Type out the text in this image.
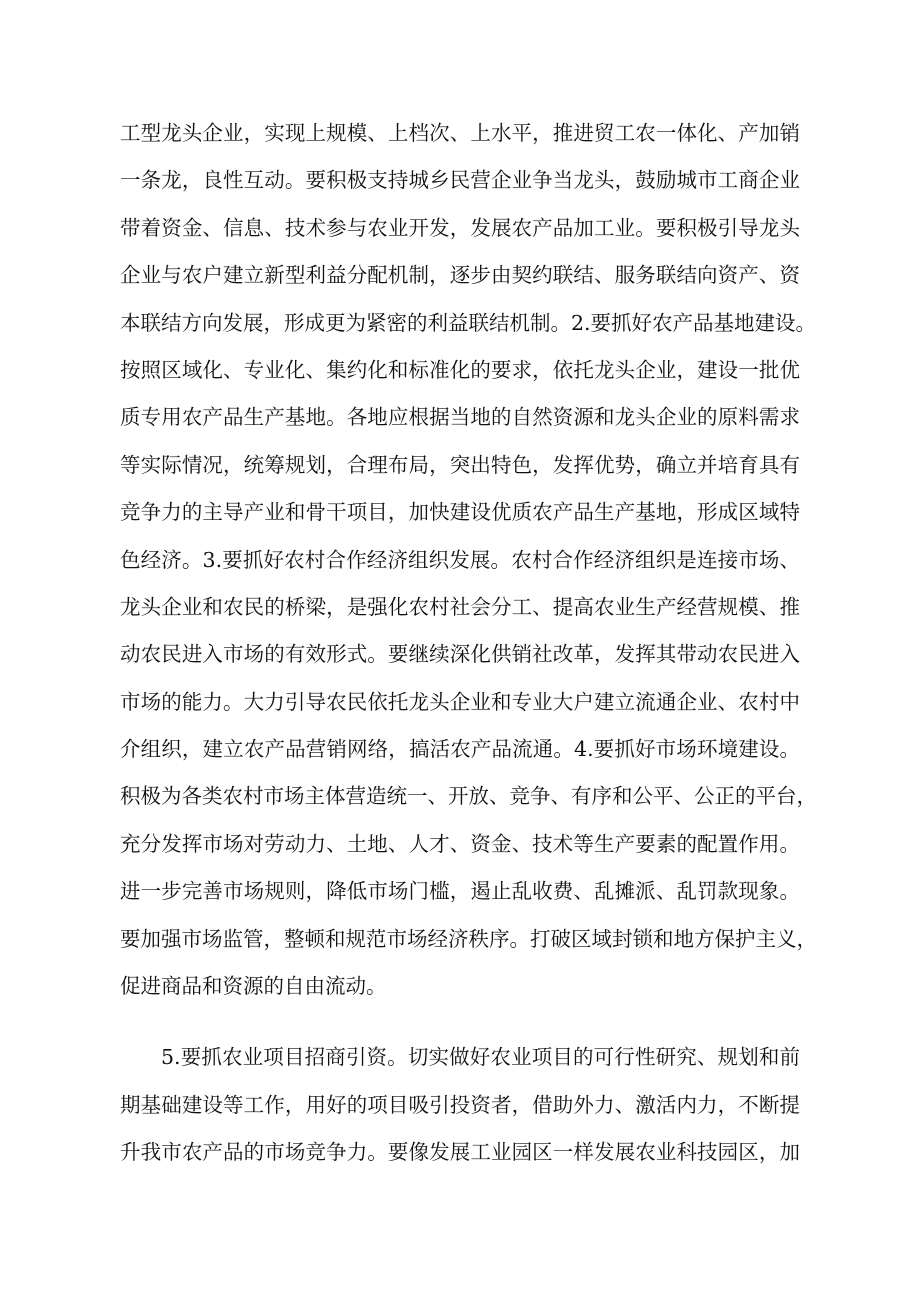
工型龙头企业，实现上规模、上档次、上水平，推进贸工农一体化、产加销
一条龙，良性互动。要积极支持城乡民营企业争当龙头，鼓励城市工商企业
带着资金、信息、技术参与农业开发，发展农产品加工业。要积极引导龙头
企业与农户建立新型利益分配机制，逐步由契约联结、服务联结向资产、资
本联结方向发展，形成更为紧密的利益联结机制。2.要抓好农产品基地建设。
按照区域化、专业化、集约化和标准化的要求，依托龙头企业，建设一批优
质专用农产品生产基地。各地应根据当地的自然资源和龙头企业的原料需求
等实际情况，统筹规划，合理布局，突出特色，发挥优势，确立并培育具有
竞争力的主导产业和骨干项目，加快建设优质农产品生产基地，形成区域特
色经济。3.要抓好农村合作经济组织发展。农村合作经济组织是连接市场、
龙头企业和农民的桥梁，是强化农村社会分工、提高农业生产经营规模、推
动农民进入市场的有效形式。要继续深化供销社改革，发挥其带动农民进入
市场的能力。大力引导农民依托龙头企业和专业大户建立流通企业、农村中
介组织，建立农产品营销网络，搞活农产品流通。4.要抓好市场环境建设。
积极为各类农村市场主体营造统一、开放、竞争、有序和公平、公正的平台，
充分发挥市场对劳动力、土地、人才、资金、技术等生产要素的配置作用。
进一步完善市场规则，降低市场门槛，遏止乱收费、乱摊派、乱罚款现象。
要加强市场监管，整顿和规范市场经济秩序。打破区域封锁和地方保护主义，
促进商品和资源的自由流动。
5.要抓农业项目招商引资。切实做好农业项目的可行性研究、规划和前
期基础建设等工作，用好的项目吸引投资者，借助外力、激活内力，不断提
升我市农产品的市场竞争力。要像发展工业园区一样发展农业科技园区，加
